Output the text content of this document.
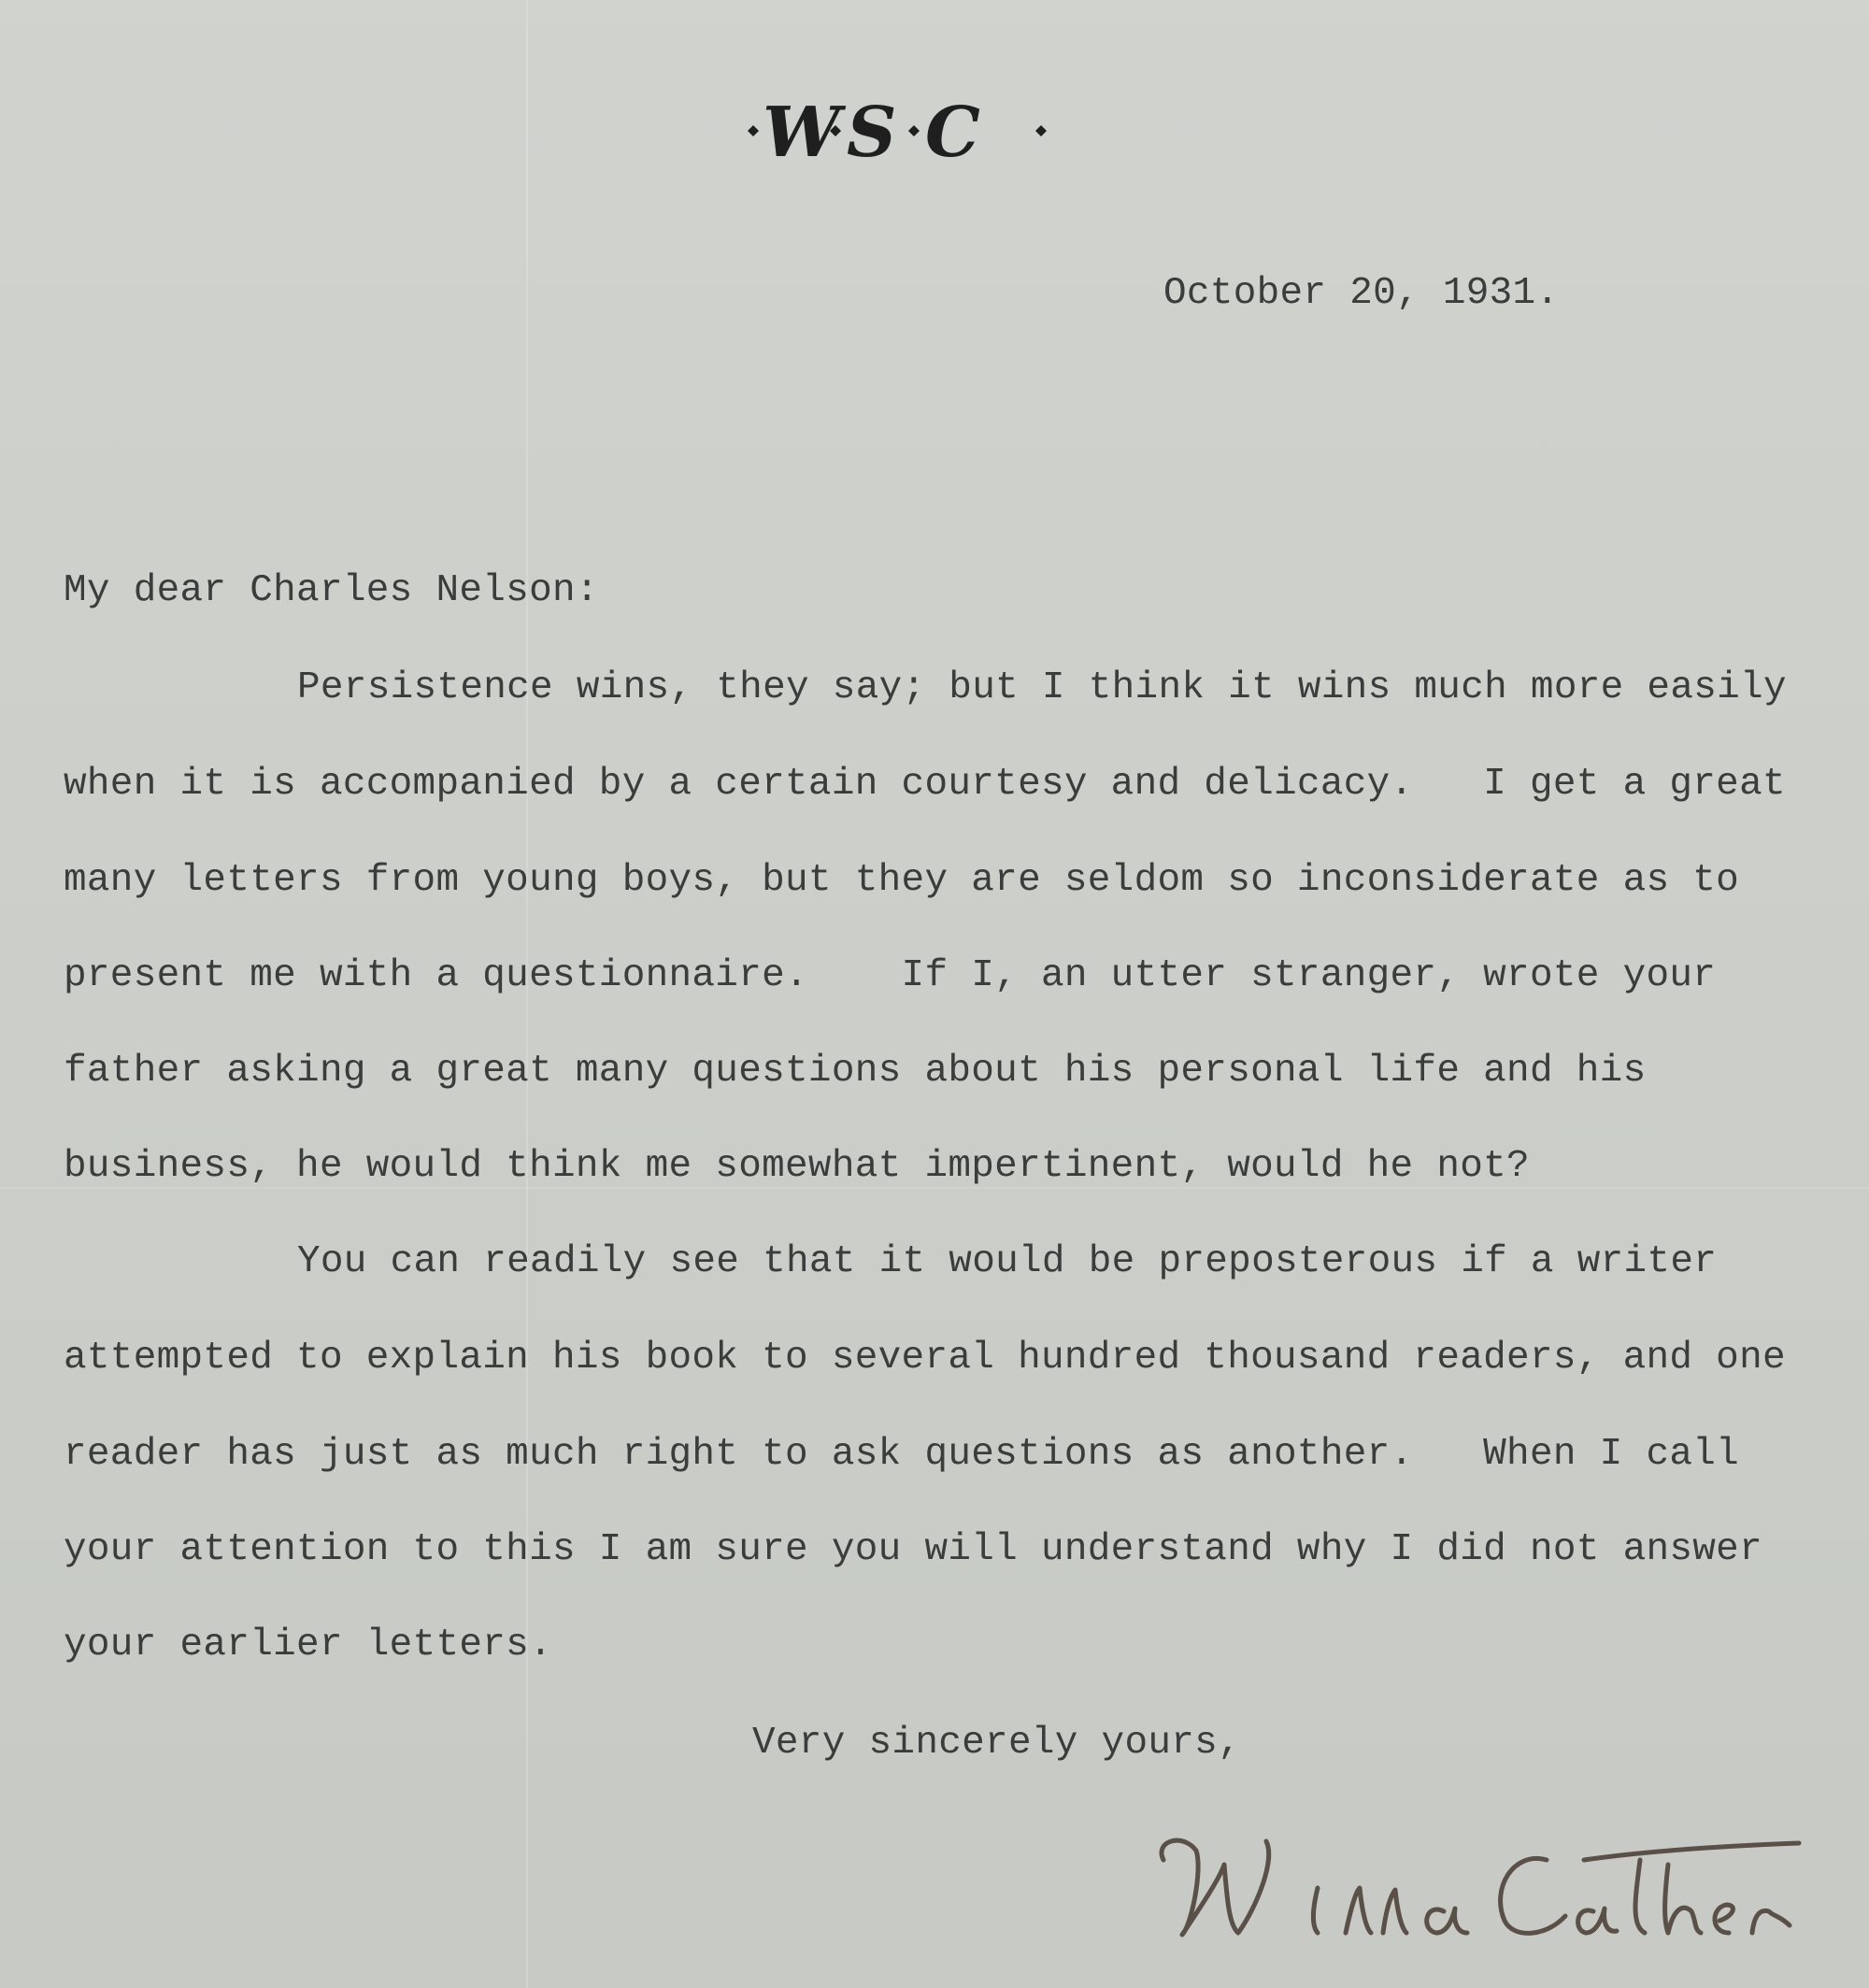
W S C
October 20, 1931.
My dear Charles Nelson:
Persistence wins, they say; but I think it wins much more easily
when it is accompanied by a certain courtesy and delicacy.   I get a great
many letters from young boys, but they are seldom so inconsiderate as to
present me with a questionnaire.    If I, an utter stranger, wrote your
father asking a great many questions about his personal life and his
business, he would think me somewhat impertinent, would he not?
You can readily see that it would be preposterous if a writer
attempted to explain his book to several hundred thousand readers, and one
reader has just as much right to ask questions as another.   When I call
your attention to this I am sure you will understand why I did not answer
your earlier letters.
Very sincerely yours,
